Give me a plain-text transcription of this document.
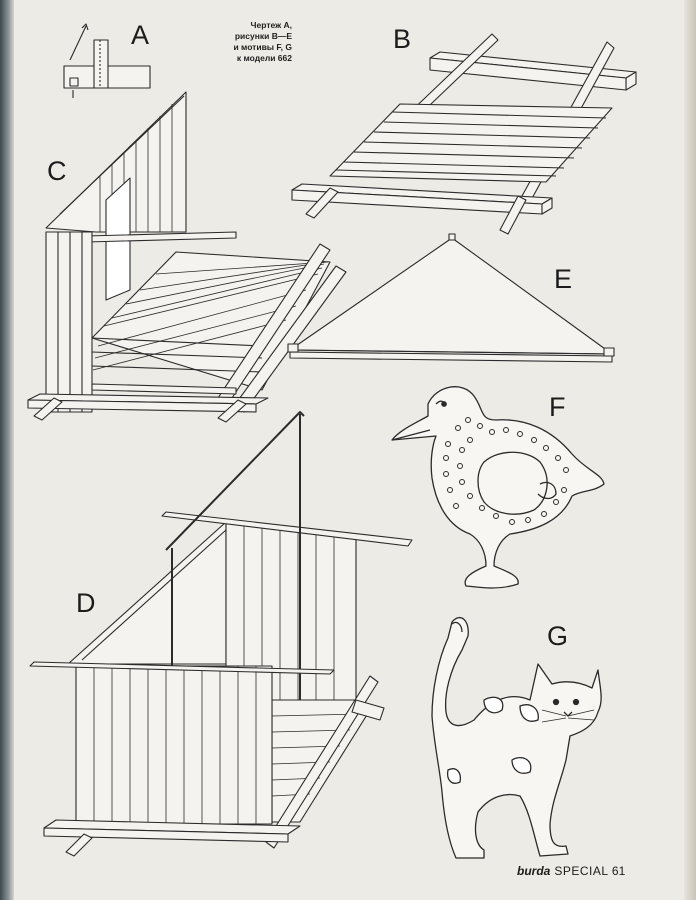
Чертеж A,
рисунки B—E
и мотивы F, G
к модели 662
A	B
C
E
F
D
G
burda SPECIAL 61
